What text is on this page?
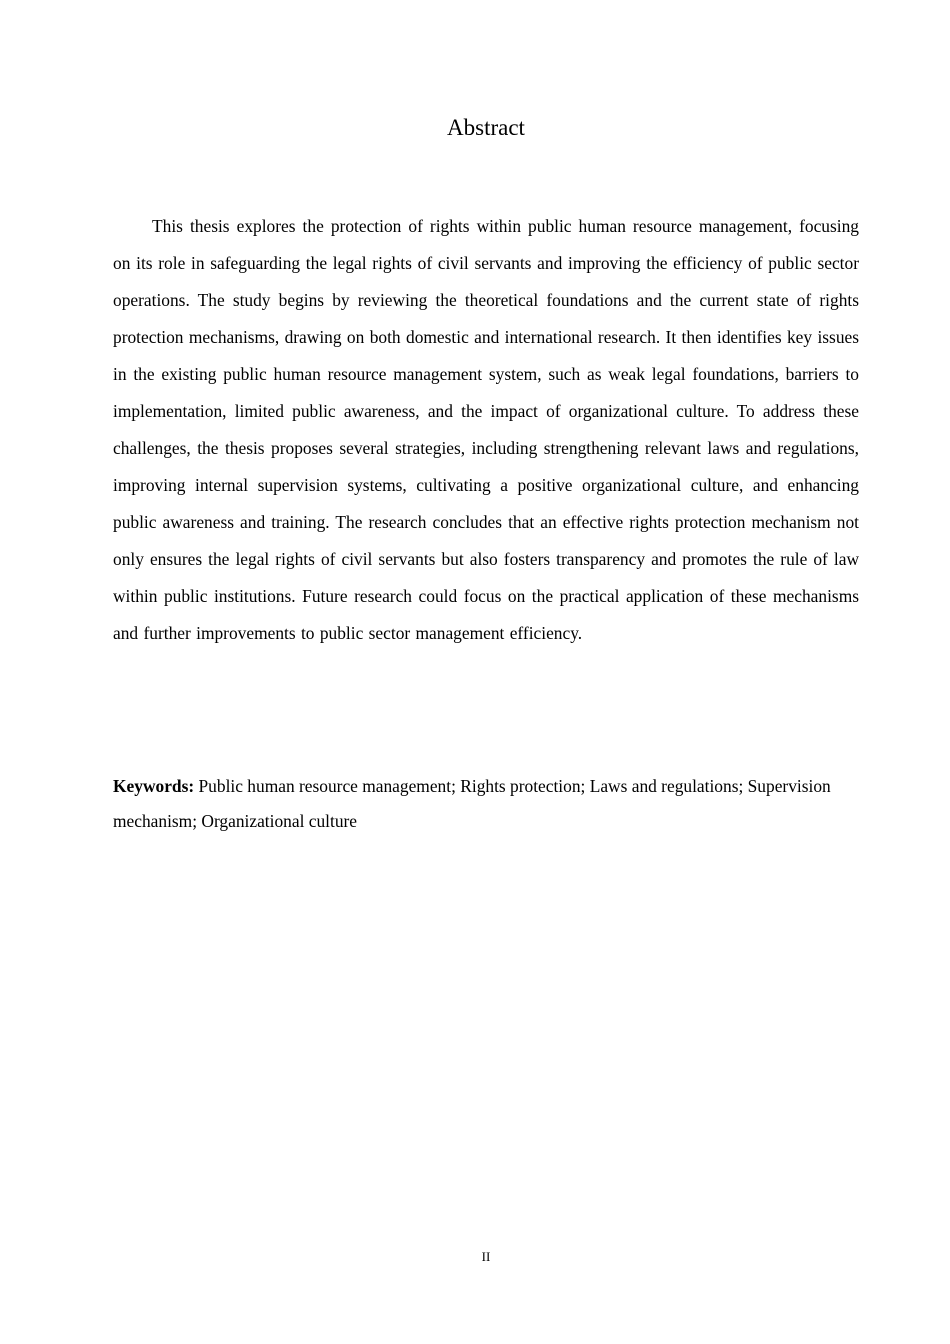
Abstract

This thesis explores the protection of rights within public human resource management, focusing on its role in safeguarding the legal rights of civil servants and improving the efficiency of public sector operations. The study begins by reviewing the theoretical foundations and the current state of rights protection mechanisms, drawing on both domestic and international research. It then identifies key issues in the existing public human resource management system, such as weak legal foundations, barriers to implementation, limited public awareness, and the impact of organizational culture. To address these challenges, the thesis proposes several strategies, including strengthening relevant laws and regulations, improving internal supervision systems, cultivating a positive organizational culture, and enhancing public awareness and training. The research concludes that an effective rights protection mechanism not only ensures the legal rights of civil servants but also fosters transparency and promotes the rule of law within public institutions. Future research could focus on the practical application of these mechanisms and further improvements to public sector management efficiency.

Keywords: Public human resource management; Rights protection; Laws and regulations; Supervision mechanism; Organizational culture

II
